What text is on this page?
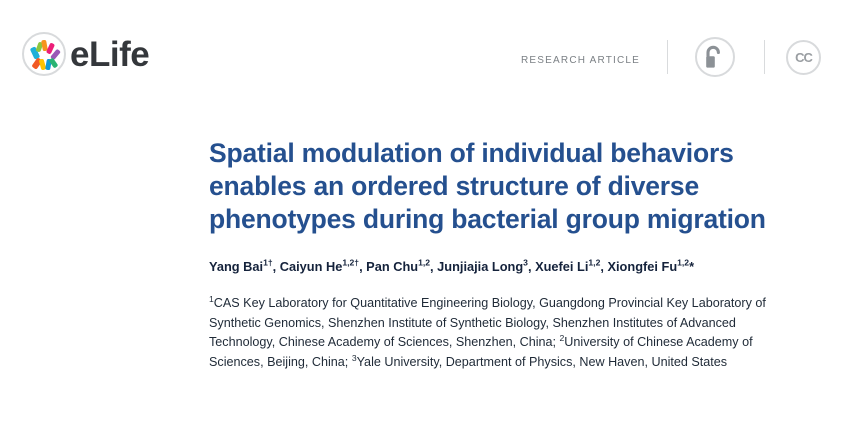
eLife	RESEARCH ARTICLE	CC
Spatial modulation of individual behaviors enables an ordered structure of diverse phenotypes during bacterial group migration
Yang Bai$^{1\dagger}$, Caiyun $He^{1,2\dagger}$, Pan Chu$^{1,2}$, Junjiajia Long$^3$, Xuefei Li$^{1,2}$, Xiongfei Fu$^{1,2}$*
$^1$CAS Key Laboratory for Quantitative Engineering Biology, Guangdong Provincial Key Laboratory of Synthetic Genomics, Shenzhen Institute of Synthetic Biology, Shenzhen Institutes of Advanced Technology, Chinese Academy of Sciences, Shenzhen, China; $^2$University of Chinese Academy of Sciences, Beijing, China; $^3$Yale University, Department of Physics, New Haven, United States
